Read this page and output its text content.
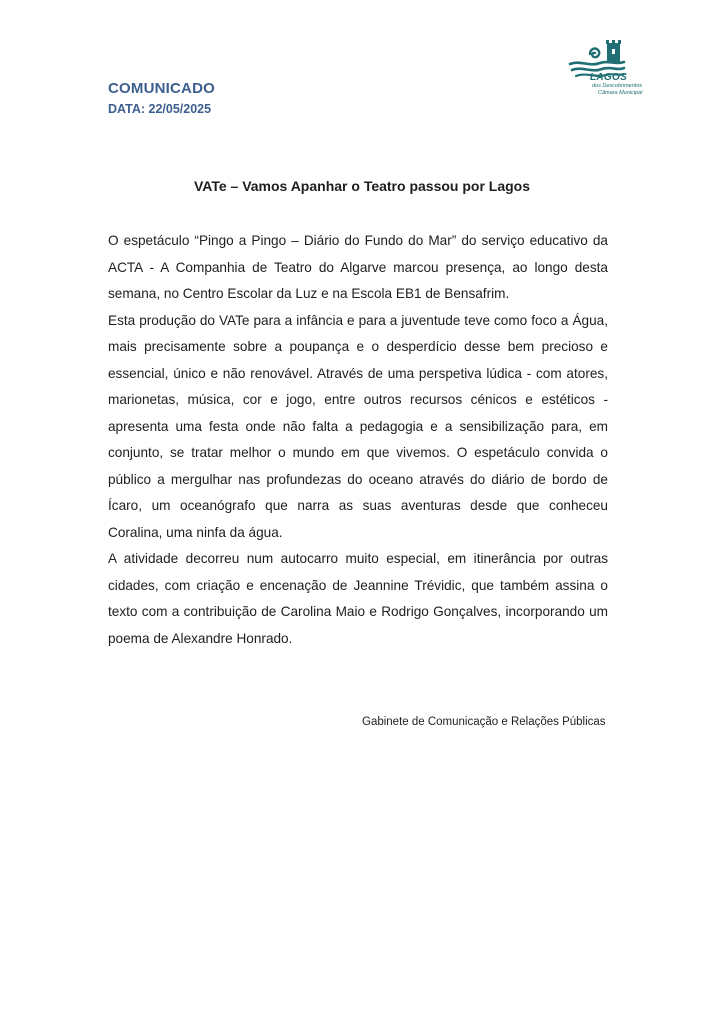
COMUNICADO

DATA: 22/05/2025

LAGOS

dos Descobrimentos

Câmara Municipal

VATe – Vamos Apanhar o Teatro passou por Lagos

O espetáculo “Pingo a Pingo – Diário do Fundo do Mar” do serviço educativo da ACTA - A Companhia de Teatro do Algarve marcou presença, ao longo desta semana, no Centro Escolar da Luz e na Escola EB1 de Bensafrim.

Esta produção do VATe para a infância e para a juventude teve como foco a Água, mais precisamente sobre a poupança e o desperdício desse bem precioso e essencial, único e não renovável. Através de uma perspetiva lúdica - com atores, marionetas, música, cor e jogo, entre outros recursos cénicos e estéticos - apresenta uma festa onde não falta a pedagogia e a sensibilização para, em conjunto, se tratar melhor o mundo em que vivemos. O espetáculo convida o público a mergulhar nas profundezas do oceano através do diário de bordo de Ícaro, um oceanógrafo que narra as suas aventuras desde que conheceu Coralina, uma ninfa da água.

A atividade decorreu num autocarro muito especial, em itinerância por outras cidades, com criação e encenação de Jeannine Trévidic, que também assina o texto com a contribuição de Carolina Maio e Rodrigo Gonçalves, incorporando um poema de Alexandre Honrado.

Gabinete de Comunicação e Relações Públicas
